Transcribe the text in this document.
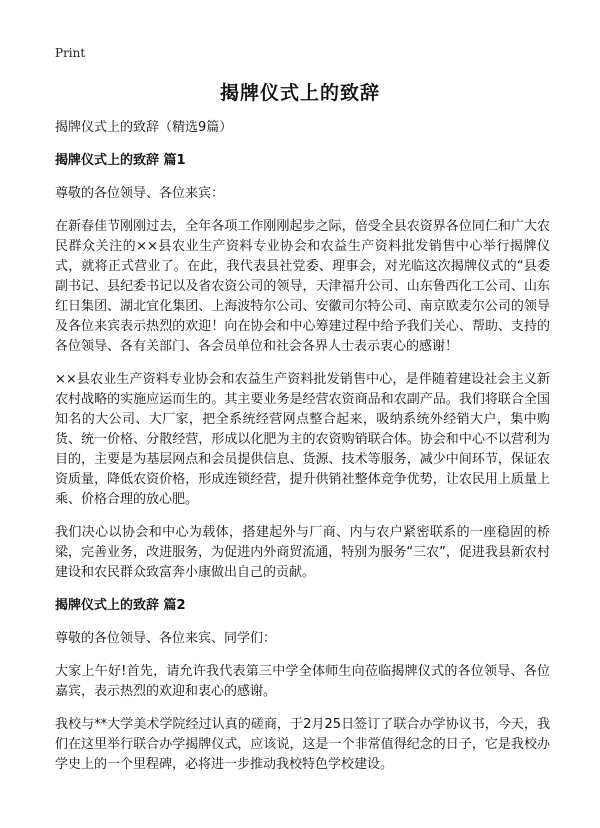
Print
揭牌仪式上的致辞

揭牌仪式上的致辞（精选9篇）

揭牌仪式上的致辞 篇1

尊敬的各位领导、各位来宾：

在新春佳节刚刚过去，全年各项工作刚刚起步之际，倍受全县农资界各位同仁和广大农民群众关注的××县农业生产资料专业协会和农益生产资料批发销售中心举行揭牌仪式，就将正式营业了。在此，我代表县社党委、理事会，对光临这次揭牌仪式的“县委副书记、县纪委书记以及省农资公司的领导，天津福升公司、山东鲁西化工公司、山东红日集团、湖北宜化集团、上海波特尔公司、安徽司尔特公司、南京欧麦尔公司的领导及各位来宾表示热烈的欢迎！向在协会和中心筹建过程中给予我们关心、帮助、支持的各位领导、各有关部门、各会员单位和社会各界人士表示衷心的感谢！

××县农业生产资料专业协会和农益生产资料批发销售中心，是伴随着建设社会主义新农村战略的实施应运而生的。其主要业务是经营农资商品和农副产品。我们将联合全国知名的大公司、大厂家，把全系统经营网点整合起来，吸纳系统外经销大户，集中购货、统一价格、分散经营，形成以化肥为主的农资购销联合体。协会和中心不以营利为目的，主要是为基层网点和会员提供信息、货源、技术等服务，减少中间环节，保证农资质量，降低农资价格，形成连锁经营，提升供销社整体竞争优势，让农民用上质量上乘、价格合理的放心肥。

我们决心以协会和中心为载体，搭建起外与厂商、内与农户紧密联系的一座稳固的桥梁，完善业务，改进服务，为促进内外商贸流通，特别为服务“三农”，促进我县新农村建设和农民群众致富奔小康做出自己的贡献。

揭牌仪式上的致辞 篇2

尊敬的各位领导、各位来宾、同学们：

大家上午好!首先，请允许我代表第三中学全体师生向莅临揭牌仪式的各位领导、各位嘉宾，表示热烈的欢迎和衷心的感谢。

我校与**大学美术学院经过认真的磋商，于2月25日签订了联合办学协议书，今天，我们在这里举行联合办学揭牌仪式，应该说，这是一个非常值得纪念的日子，它是我校办学史上的一个里程碑，必将进一步推动我校特色学校建设。
